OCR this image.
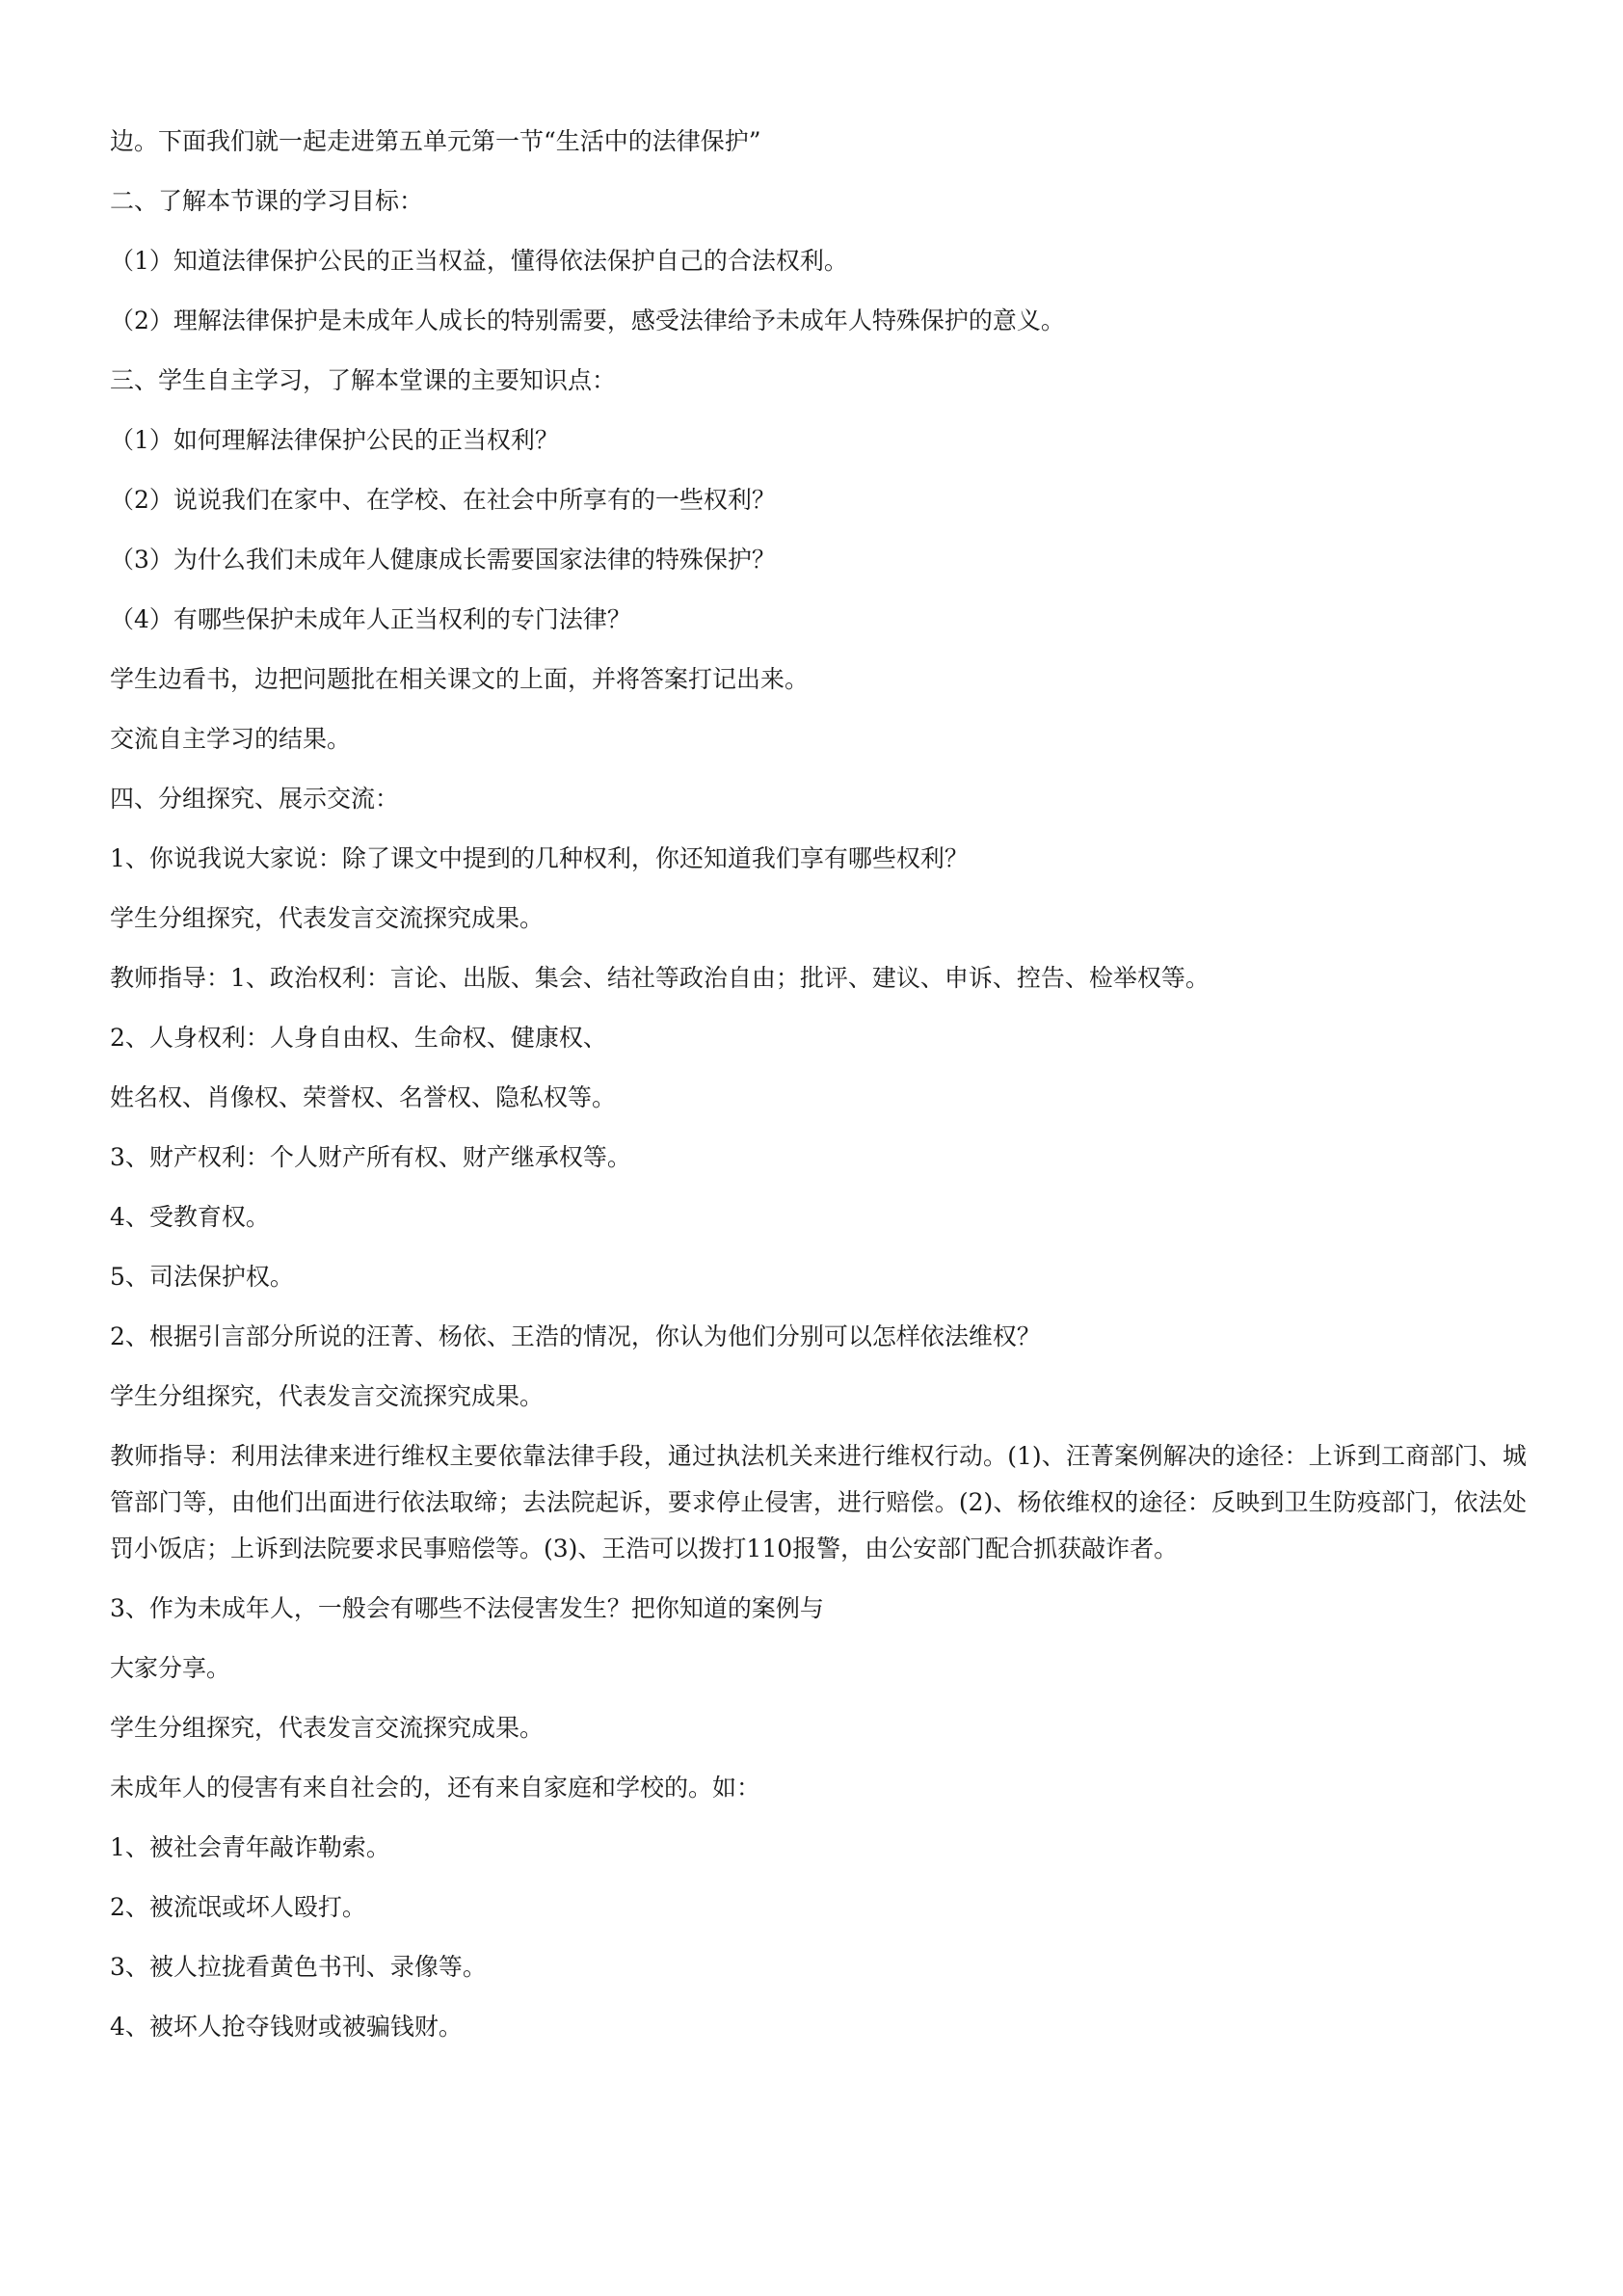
边。下面我们就一起走进第五单元第一节“生活中的法律保护”

二、了解本节课的学习目标：

（1）知道法律保护公民的正当权益，懂得依法保护自己的合法权利。

（2）理解法律保护是未成年人成长的特别需要，感受法律给予未成年人特殊保护的意义。

三、学生自主学习，了解本堂课的主要知识点：

（1）如何理解法律保护公民的正当权利？

（2）说说我们在家中、在学校、在社会中所享有的一些权利？

（3）为什么我们未成年人健康成长需要国家法律的特殊保护？

（4）有哪些保护未成年人正当权利的专门法律？

学生边看书，边把问题批在相关课文的上面，并将答案打记出来。

交流自主学习的结果。

四、分组探究、展示交流：

1、你说我说大家说：除了课文中提到的几种权利，你还知道我们享有哪些权利？

学生分组探究，代表发言交流探究成果。

教师指导：1、政治权利：言论、出版、集会、结社等政治自由；批评、建议、申诉、控告、检举权等。

2、人身权利：人身自由权、生命权、健康权、

姓名权、肖像权、荣誉权、名誉权、隐私权等。

3、财产权利：个人财产所有权、财产继承权等。

4、受教育权。

5、司法保护权。

2、根据引言部分所说的汪菁、杨依、王浩的情况，你认为他们分别可以怎样依法维权？

学生分组探究，代表发言交流探究成果。

教师指导：利用法律来进行维权主要依靠法律手段，通过执法机关来进行维权行动。(1)、汪菁案例解决的途径：上诉到工商部门、城管部门等，由他们出面进行依法取缔；去法院起诉，要求停止侵害，进行赔偿。(2)、杨依维权的途径：反映到卫生防疫部门，依法处罚小饭店；上诉到法院要求民事赔偿等。(3)、王浩可以拨打110报警，由公安部门配合抓获敲诈者。

3、作为未成年人，一般会有哪些不法侵害发生？把你知道的案例与

大家分享。

学生分组探究，代表发言交流探究成果。

未成年人的侵害有来自社会的，还有来自家庭和学校的。如：

1、被社会青年敲诈勒索。

2、被流氓或坏人殴打。

3、被人拉拢看黄色书刊、录像等。

4、被坏人抢夺钱财或被骗钱财。
